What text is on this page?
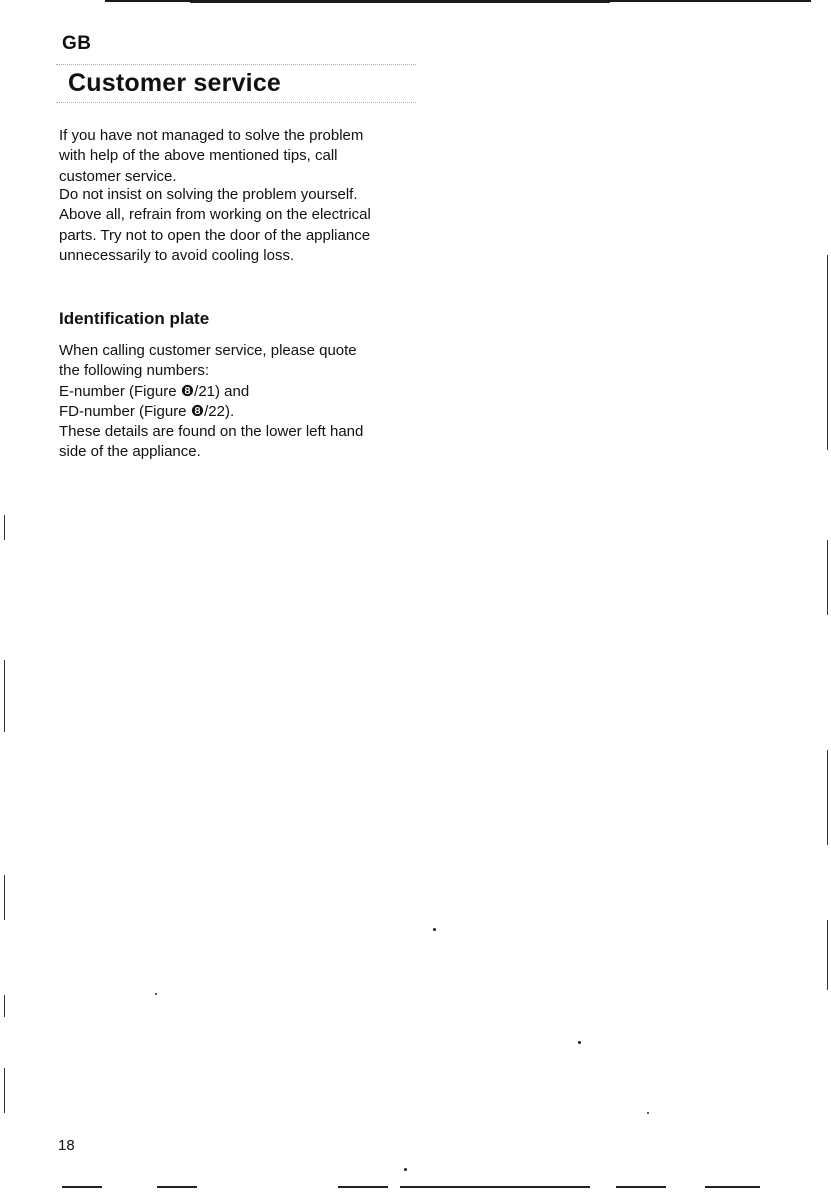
GB
Customer service

If you have not managed to solve the problem
with help of the above mentioned tips, call
customer service.

Do not insist on solving the problem yourself.
Above all, refrain from working on the electrical
parts. Try not to open the door of the appliance
unnecessarily to avoid cooling loss.

Identification plate

When calling customer service, please quote
the following numbers:
E-number (Figure ❽/21) and
FD-number (Figure ❽/22).
These details are found on the lower left hand
side of the appliance.

18
